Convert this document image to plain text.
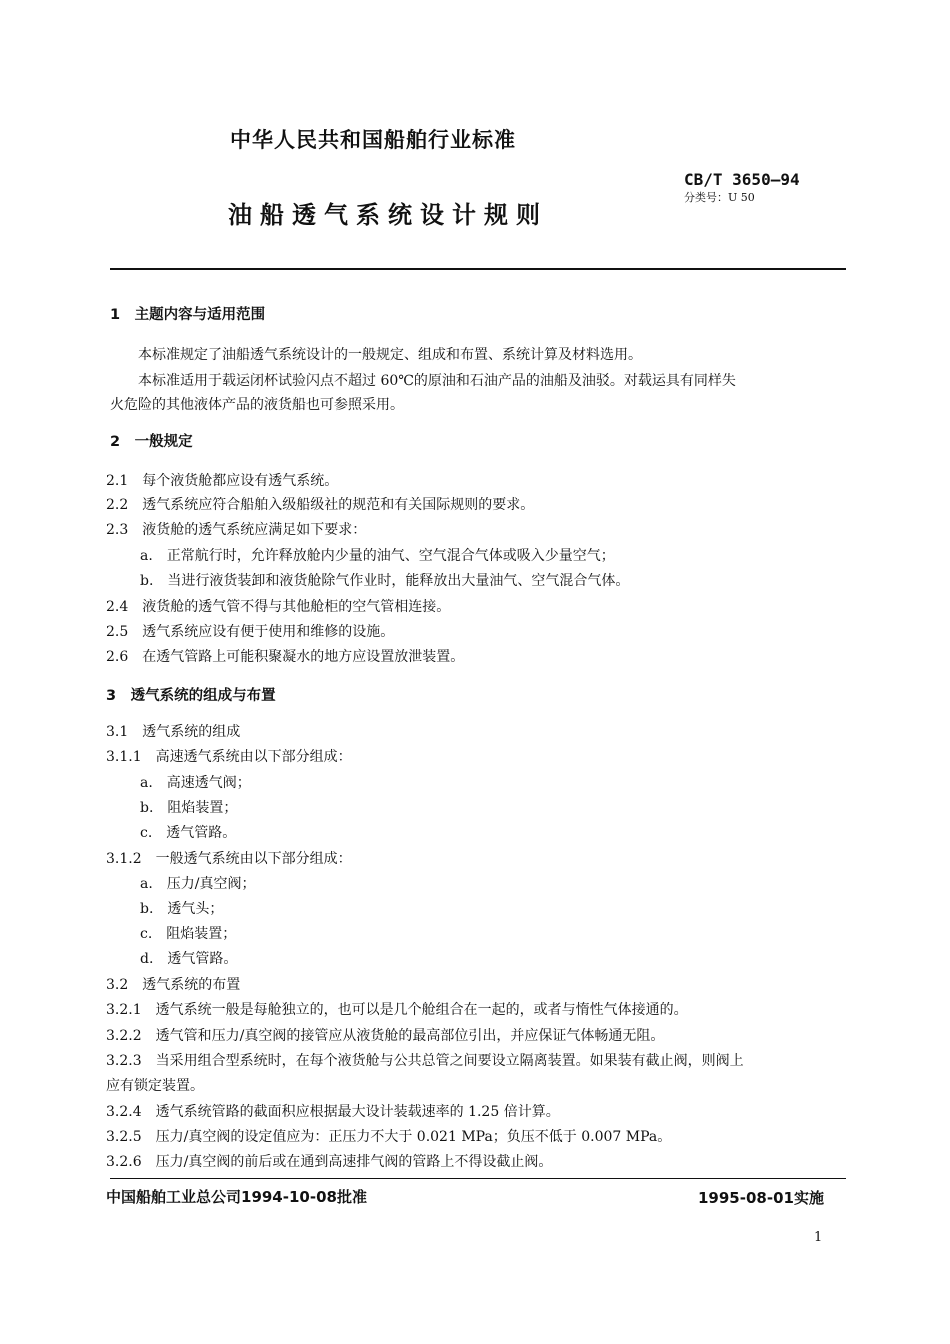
中华人民共和国船舶行业标准
油船透气系统设计规则
CB/T 3650—94
分类号：U 50
1　主题内容与适用范围
本标准规定了油船透气系统设计的一般规定、组成和布置、系统计算及材料选用。
本标准适用于载运闭杯试验闪点不超过 60℃的原油和石油产品的油船及油驳。对载运具有同样失
火危险的其他液体产品的液货船也可参照采用。
2　一般规定
2.1　每个液货舱都应设有透气系统。
2.2　透气系统应符合船舶入级船级社的规范和有关国际规则的要求。
2.3　液货舱的透气系统应满足如下要求：
a.　正常航行时，允许释放舱内少量的油气、空气混合气体或吸入少量空气；
b.　当进行液货装卸和液货舱除气作业时，能释放出大量油气、空气混合气体。
2.4　液货舱的透气管不得与其他舱柜的空气管相连接。
2.5　透气系统应设有便于使用和维修的设施。
2.6　在透气管路上可能积聚凝水的地方应设置放泄装置。
3　透气系统的组成与布置
3.1　透气系统的组成
3.1.1　高速透气系统由以下部分组成：
a.　高速透气阀；
b.　阻焰装置；
c.　透气管路。
3.1.2　一般透气系统由以下部分组成：
a.　压力/真空阀；
b.　透气头；
c.　阻焰装置；
d.　透气管路。
3.2　透气系统的布置
3.2.1　透气系统一般是每舱独立的，也可以是几个舱组合在一起的，或者与惰性气体接通的。
3.2.2　透气管和压力/真空阀的接管应从液货舱的最高部位引出，并应保证气体畅通无阻。
3.2.3　当采用组合型系统时，在每个液货舱与公共总管之间要设立隔离装置。如果装有截止阀，则阀上
应有锁定装置。
3.2.4　透气系统管路的截面积应根据最大设计装载速率的 1.25 倍计算。
3.2.5　压力/真空阀的设定值应为：正压力不大于 0.021 MPa；负压不低于 0.007 MPa。
3.2.6　压力/真空阀的前后或在通到高速排气阀的管路上不得设截止阀。
中国船舶工业总公司1994-10-08批准	1995-08-01实施
1
